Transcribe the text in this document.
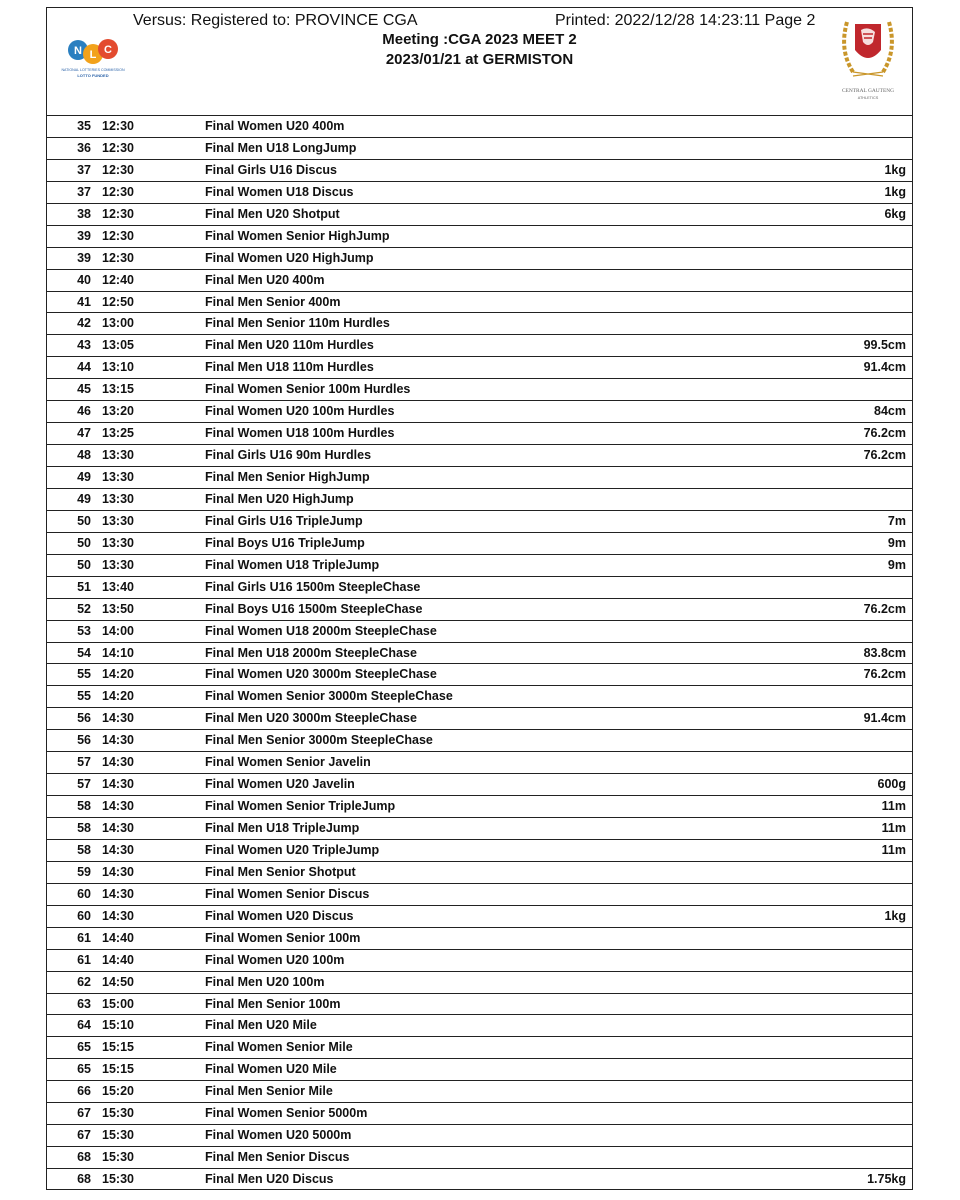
N L C
NATIONAL LOTTERIES COMMISSION
LOTTO FUNDED
Versus: Registered to: PROVINCE CGA	Printed: 2022/12/28 14:23:11 Page 2
Meeting :CGA 2023 MEET 2
2023/01/21 at GERMISTON
CENTRAL GAUTENG
ATHLETICS
35 12:30	Final Women U20 400m
36 12:30	Final Men U18 LongJump
37 12:30	Final Girls U16 Discus	1kg
37 12:30	Final Women U18 Discus	1kg
38 12:30	Final Men U20 Shotput	6kg
39 12:30	Final Women Senior HighJump
39 12:30	Final Women U20 HighJump
40 12:40	Final Men U20 400m
41 12:50	Final Men Senior 400m
42 13:00	Final Men Senior 110m Hurdles
43 13:05	Final Men U20 110m Hurdles	99.5cm
44 13:10	Final Men U18 110m Hurdles	91.4cm
45 13:15	Final Women Senior 100m Hurdles
46 13:20	Final Women U20 100m Hurdles	84cm
47 13:25	Final Women U18 100m Hurdles	76.2cm
48 13:30	Final Girls U16 90m Hurdles	76.2cm
49 13:30	Final Men Senior HighJump
49 13:30	Final Men U20 HighJump
50 13:30	Final Girls U16 TripleJump	7m
50 13:30	Final Boys U16 TripleJump	9m
50 13:30	Final Women U18 TripleJump	9m
51 13:40	Final Girls U16 1500m SteepleChase
52 13:50	Final Boys U16 1500m SteepleChase	76.2cm
53 14:00	Final Women U18 2000m SteepleChase
54 14:10	Final Men U18 2000m SteepleChase	83.8cm
55 14:20	Final Women U20 3000m SteepleChase	76.2cm
55 14:20	Final Women Senior 3000m SteepleChase
56 14:30	Final Men U20 3000m SteepleChase	91.4cm
56 14:30	Final Men Senior 3000m SteepleChase
57 14:30	Final Women Senior Javelin
57 14:30	Final Women U20 Javelin	600g
58 14:30	Final Women Senior TripleJump	11m
58 14:30	Final Men U18 TripleJump	11m
58 14:30	Final Women U20 TripleJump	11m
59 14:30	Final Men Senior Shotput
60 14:30	Final Women Senior Discus
60 14:30	Final Women U20 Discus	1kg
61 14:40	Final Women Senior 100m
61 14:40	Final Women U20 100m
62 14:50	Final Men U20 100m
63 15:00	Final Men Senior 100m
64 15:10	Final Men U20 Mile
65 15:15	Final Women Senior Mile
65 15:15	Final Women U20 Mile
66 15:20	Final Men Senior Mile
67 15:30	Final Women Senior 5000m
67 15:30	Final Women U20 5000m
68 15:30	Final Men Senior Discus
68 15:30	Final Men U20 Discus	1.75kg
